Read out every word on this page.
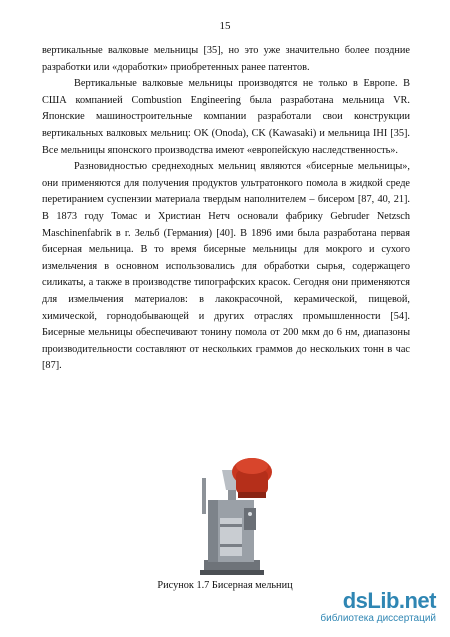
15

вертикальные валковые мельницы [35], но это уже значительно более поздние разработки или «доработки» приобретенных ранее патентов.

Вертикальные валковые мельницы производятся не только в Европе. В США компанией Combustion Engineering была разработана мельница VR. Японские машиностроительные компании разработали свои конструкции вертикальных валковых мельниц: OK (Onoda), CK (Kawasaki) и мельница IHI [35]. Все мельницы японского производства имеют «европейскую наследственность».

Разновидностью среднеходных мельниц являются «бисерные мельницы», они применяются для получения продуктов ультратонкого помола в жидкой среде перетиранием суспензии материала твердым наполнителем – бисером [87, 40, 21]. В 1873 году Томас и Христиан Нетч основали фабрику Gebruder Netzsch Maschinenfabrik в г. Зельб (Германия) [40]. В 1896 ими была разработана первая бисерная мельница. В то время бисерные мельницы для мокрого и сухого измельчения в основном использовались для обработки сырья, содержащего силикаты, а также в производстве типографских красок. Сегодня они применяются для измельчения материалов: в лакокрасочной, керамической, пищевой, химической, горнодобывающей и других отраслях промышленности [54]. Бисерные мельницы обеспечивают тонину помола от 200 мкм до 6 нм, диапазоны производительности составляют от нескольких граммов до нескольких тонн в час [87].

Рисунок 1.7 Бисерная мельниц
dsLib.net
библиотека диссертаций
